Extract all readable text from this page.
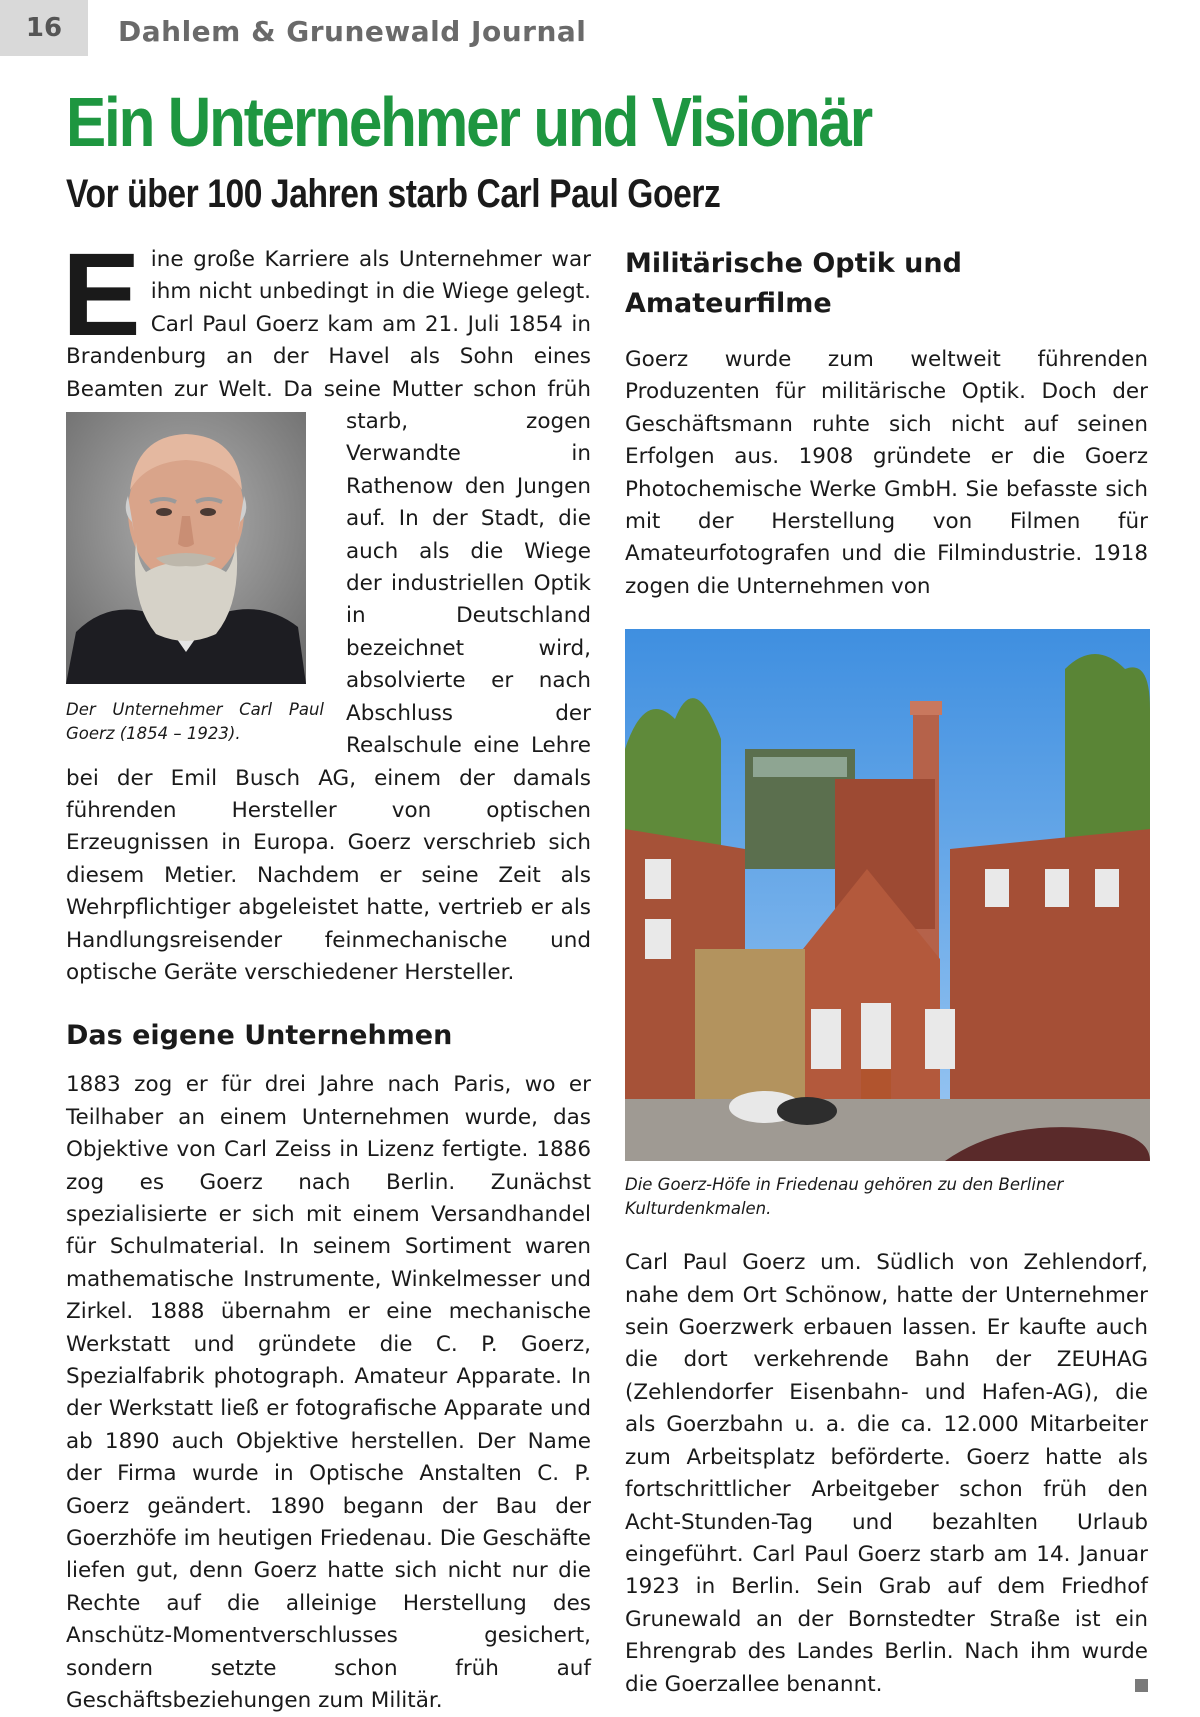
16	Dahlem & Grunewald Journal
Ein Unternehmer und Visionär
Vor über 100 Jahren starb Carl Paul Goerz

E ine große Karriere als Unternehmer war ihm nicht unbedingt in die Wiege gelegt. Carl Paul Goerz kam am 21. Juli 1854 in Brandenburg an der Havel als Sohn eines Beamten zur Welt. Da seine Mutter schon früh starb, zogen
Der Unternehmer Carl Paul Goerz (1854 – 1923).
Verwandte in Rathenow den Jungen auf. In der Stadt, die auch als die Wiege der industriellen Optik in Deutschland bezeichnet wird, absolvierte er nach Abschluss der Realschule eine Lehre bei der Emil Busch AG, einem der damals führenden Hersteller von optischen Erzeugnissen in Europa. Goerz verschrieb sich diesem Metier. Nachdem er seine Zeit als Wehrpflichtiger abgeleistet hatte, vertrieb er als Handlungsreisender feinmechanische und optische Geräte verschiedener Hersteller.

Das eigene Unternehmen

1883 zog er für drei Jahre nach Paris, wo er Teilhaber an einem Unternehmen wurde, das Objektive von Carl Zeiss in Lizenz fertigte. 1886 zog es Goerz nach Berlin. Zunächst spezialisierte er sich mit einem Versandhandel für Schulmaterial. In seinem Sortiment waren mathematische Instrumente, Winkelmesser und Zirkel. 1888 übernahm er eine mechanische Werkstatt und gründete die C. P. Goerz, Spezialfabrik photograph. Amateur Apparate. In der Werkstatt ließ er fotografische Apparate und ab 1890 auch Objektive herstellen. Der Name der Firma wurde in Optische Anstalten C. P. Goerz geändert. 1890 begann der Bau der Goerzhöfe im heutigen Friedenau. Die Geschäfte liefen gut, denn Goerz hatte sich nicht nur die Rechte auf die alleinige Herstellung des Anschütz-Momentverschlusses gesichert, sondern setzte schon früh auf Geschäftsbeziehungen zum Militär.

Militärische Optik und Amateurfilme

Goerz wurde zum weltweit führenden Produzenten für militärische Optik. Doch der Geschäftsmann ruhte sich nicht auf seinen Erfolgen aus. 1908 gründete er die Goerz Photochemische Werke GmbH. Sie befasste sich mit der Herstellung von Filmen für Amateurfotografen und die Filmindustrie. 1918 zogen die Unternehmen von

Die Goerz-Höfe in Friedenau gehören zu den Berliner Kulturdenkmalen.

Carl Paul Goerz um. Südlich von Zehlendorf, nahe dem Ort Schönow, hatte der Unternehmer sein Goerzwerk erbauen lassen. Er kaufte auch die dort verkehrende Bahn der ZEUHAG (Zehlendorfer Eisenbahn- und Hafen-AG), die als Goerzbahn u. a. die ca. 12.000 Mitarbeiter zum Arbeitsplatz beförderte. Goerz hatte als fortschrittlicher Arbeitgeber schon früh den Acht-Stunden-Tag und bezahlten Urlaub eingeführt. Carl Paul Goerz starb am 14. Januar 1923 in Berlin. Sein Grab auf dem Friedhof Grunewald an der Bornstedter Straße ist ein Ehrengrab des Landes Berlin. Nach ihm wurde die Goerzallee benannt.
